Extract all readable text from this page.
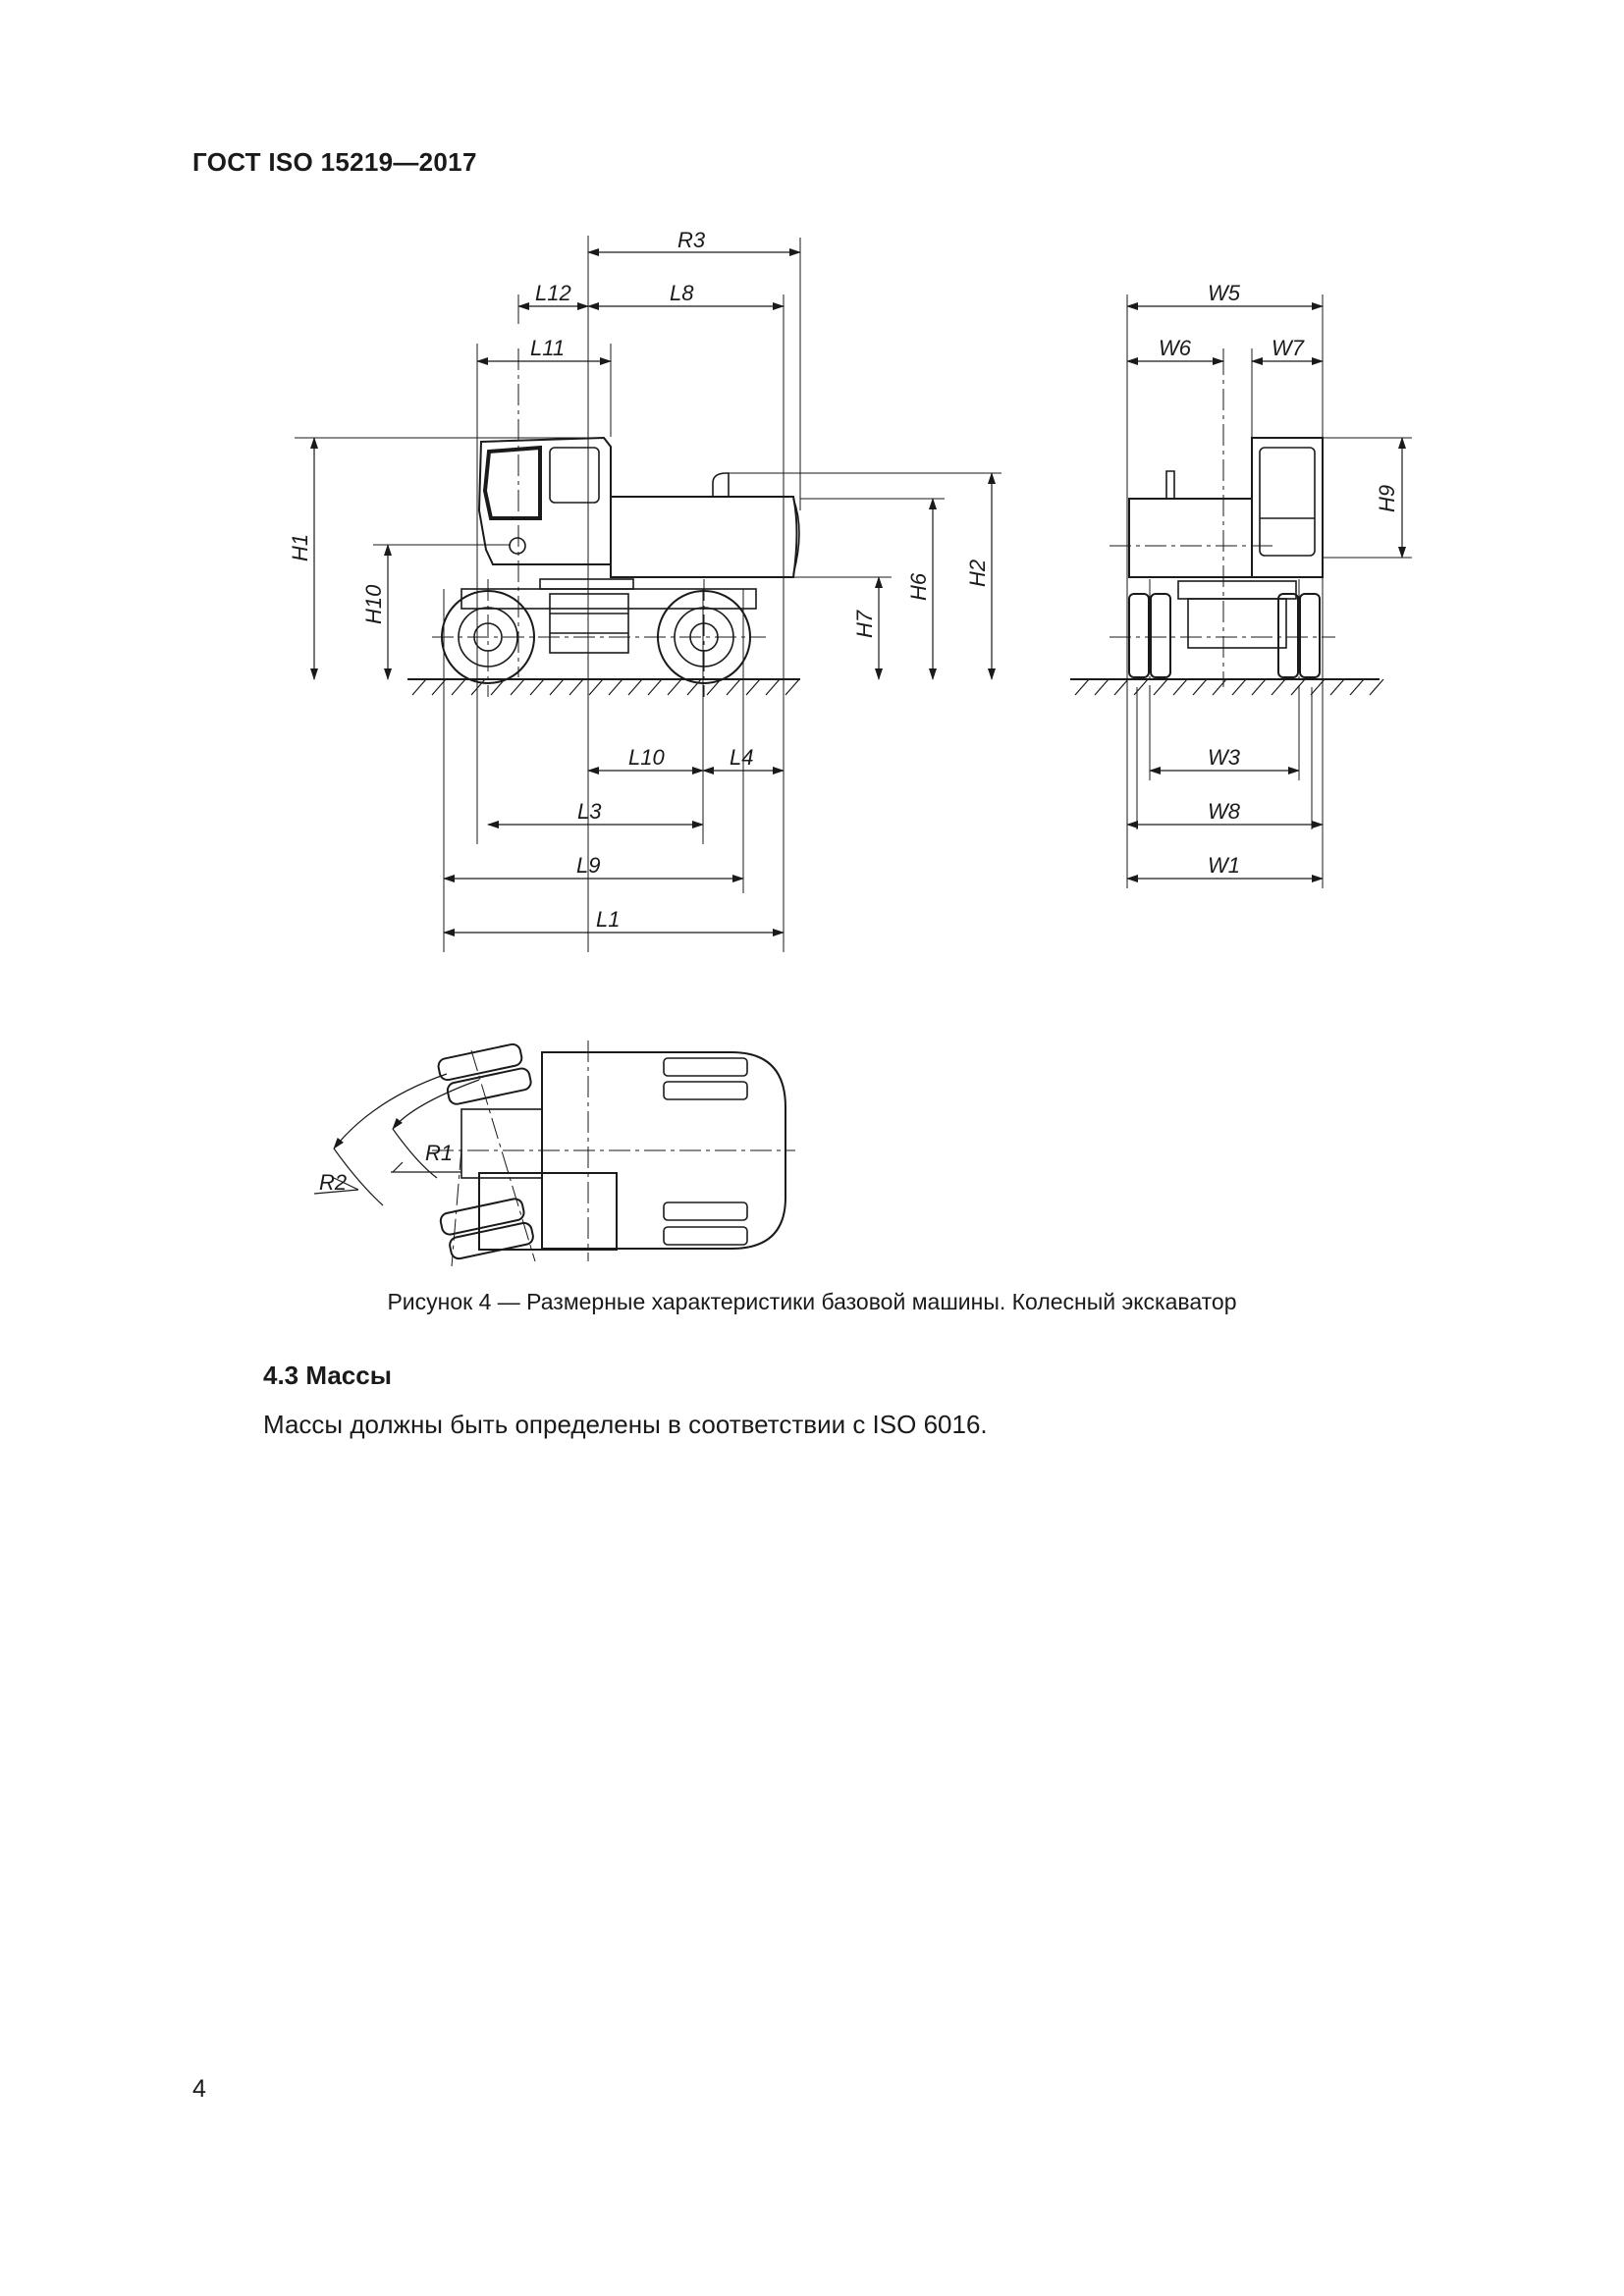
ГОСТ ISO 15219—2017
R3
L12	L8
L11
H1
H10	H7
H6 H2
L10	L4
L3
L9
L1
W5
W6	W7
H9
W3
W8
W1
R1
R2
Рисунок 4 — Размерные характеристики базовой машины. Колесный экскаватор
4.3 Массы
Массы должны быть определены в соответствии с ISO 6016.
4
